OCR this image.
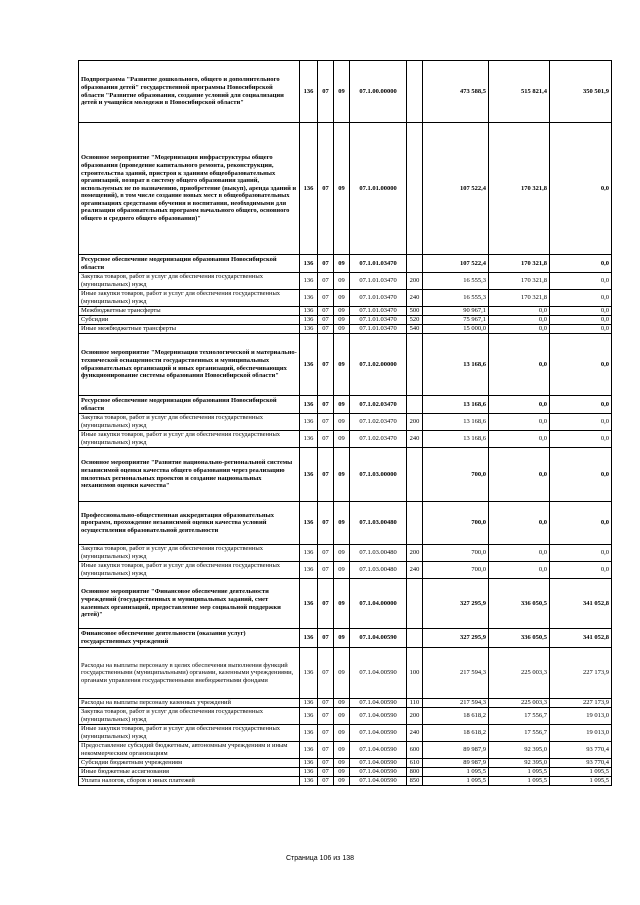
Подпрограмма "Развитие дошкольного, общего и дополнительного образования детей" государственной программы Новосибирской области "Развитие образования, создание условий для социализации детей и учащейся молодежи в Новосибирской области"	136	07	09	07.1.00.00000		473 588,5	515 821,4	350 501,9
Основное мероприятие "Модернизация инфраструктуры общего образования (проведение капитального ремонта, реконструкции, строительства зданий, пристроя к зданиям общеобразовательных организаций, возврат в систему общего образования зданий, используемых не по назначению, приобретение (выкуп), аренда зданий и помещений), в том числе создание новых мест в общеобразовательных организациях средствами обучения и воспитания, необходимыми для реализации образовательных программ начального общего, основного общего и среднего общего образования)"	136	07	09	07.1.01.00000		107 522,4	170 321,8	0,0
Ресурсное обеспечение модернизации образования Новосибирской области	136	07	09	07.1.01.03470		107 522,4	170 321,8	0,0
Закупка товаров, работ и услуг для обеспечения государственных (муниципальных) нужд	136	07	09	07.1.01.03470	200	16 555,3	170 321,8	0,0
Иные закупки товаров, работ и услуг для обеспечения государственных (муниципальных) нужд	136	07	09	07.1.01.03470	240	16 555,3	170 321,8	0,0
Межбюджетные трансферты	136	07	09	07.1.01.03470	500	90 967,1	0,0	0,0
Субсидии	136	07	09	07.1.01.03470	520	75 967,1	0,0	0,0
Иные межбюджетные трансферты	136	07	09	07.1.01.03470	540	15 000,0	0,0	0,0
Основное мероприятие "Модернизация технологической и материально-технической оснащенности государственных и муниципальных образовательных организаций и иных организаций, обеспечивающих функционирование системы образования Новосибирской области"	136	07	09	07.1.02.00000		13 168,6	0,0	0,0
Ресурсное обеспечение модернизации образования Новосибирской области	136	07	09	07.1.02.03470		13 168,6	0,0	0,0
Закупка товаров, работ и услуг для обеспечения государственных (муниципальных) нужд	136	07	09	07.1.02.03470	200	13 168,6	0,0	0,0
Иные закупки товаров, работ и услуг для обеспечения государственных (муниципальных) нужд	136	07	09	07.1.02.03470	240	13 168,6	0,0	0,0
Основное мероприятие "Развитие национально-региональной системы независимой оценки качества общего образования через реализацию пилотных региональных проектов и создание национальных механизмов оценки качества"	136	07	09	07.1.03.00000		700,0	0,0	0,0
Профессионально-общественная аккредитация образовательных программ, прохождение независимой оценки качества условий осуществления образовательной деятельности	136	07	09	07.1.03.00480		700,0	0,0	0,0
Закупка товаров, работ и услуг для обеспечения государственных (муниципальных) нужд	136	07	09	07.1.03.00480	200	700,0	0,0	0,0
Иные закупки товаров, работ и услуг для обеспечения государственных (муниципальных) нужд	136	07	09	07.1.03.00480	240	700,0	0,0	0,0
Основное мероприятие "Финансовое обеспечение деятельности учреждений (государственных и муниципальных заданий, смет казенных организаций, предоставление мер социальной поддержки детей)"	136	07	09	07.1.04.00000		327 295,9	336 050,5	341 052,8
Финансовое обеспечение деятельности (оказания услуг) государственных учреждений	136	07	09	07.1.04.00590		327 295,9	336 050,5	341 052,8
Расходы на выплаты персоналу в целях обеспечения выполнения функций государственными (муниципальными) органами, казенными учреждениями, органами управления государственными внебюджетными фондами	136	07	09	07.1.04.00590	100	217 594,3	225 003,3	227 173,9
Расходы на выплаты персоналу казенных учреждений	136	07	09	07.1.04.00590	110	217 594,3	225 003,3	227 173,9
Закупка товаров, работ и услуг для обеспечения государственных (муниципальных) нужд	136	07	09	07.1.04.00590	200	18 618,2	17 556,7	19 013,0
Иные закупки товаров, работ и услуг для обеспечения государственных (муниципальных) нужд	136	07	09	07.1.04.00590	240	18 618,2	17 556,7	19 013,0
Предоставление субсидий бюджетным, автономным учреждениям и иным некоммерческим организациям	136	07	09	07.1.04.00590	600	89 987,9	92 395,0	93 770,4
Субсидии бюджетным учреждениям	136	07	09	07.1.04.00590	610	89 987,9	92 395,0	93 770,4
Иные бюджетные ассигнования	136	07	09	07.1.04.00590	800	1 095,5	1 095,5	1 095,5
Уплата налогов, сборов и иных платежей	136	07	09	07.1.04.00590	850	1 095,5	1 095,5	1 095,5
Страница 106 из 138
